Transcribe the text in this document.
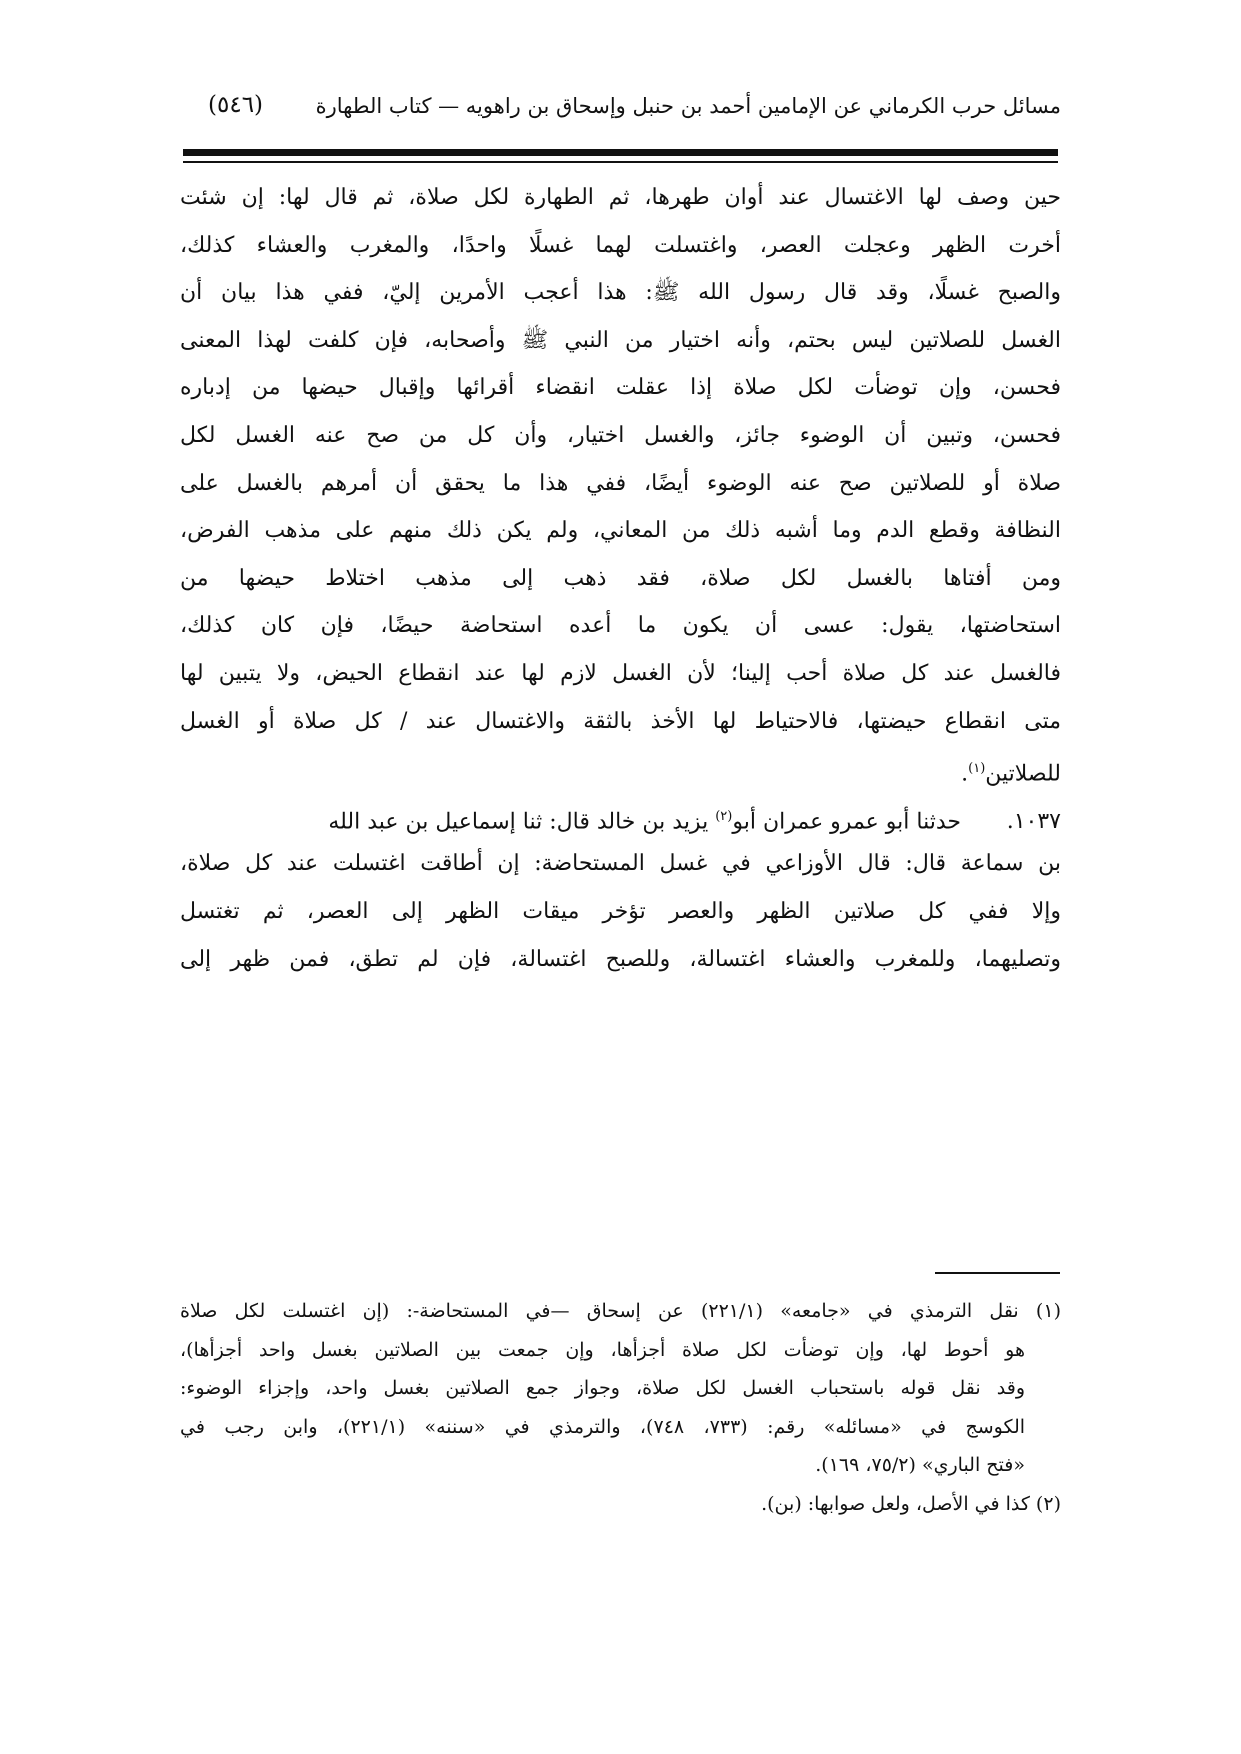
مسائل حرب الكرماني عن الإمامين أحمد بن حنبل وإسحاق بن راهويه — كتاب الطهارة
(٥٤٦)
حين وصف لها الاغتسال عند أوان طهرها، ثم الطهارة لكل صلاة، ثم قال لها: إن شئت
أخرت الظهر وعجلت العصر، واغتسلت لهما غسلًا واحدًا، والمغرب والعشاء كذلك،
والصبح غسلًا، وقد قال رسول الله ﷺ: هذا أعجب الأمرين إليّ، ففي هذا بيان أن
الغسل للصلاتين ليس بحتم، وأنه اختيار من النبي ﷺ وأصحابه، فإن كلفت لهذا المعنى
فحسن، وإن توضأت لكل صلاة إذا عقلت انقضاء أقرائها وإقبال حيضها من إدباره
فحسن، وتبين أن الوضوء جائز، والغسل اختيار، وأن كل من صح عنه الغسل لكل
صلاة أو للصلاتين صح عنه الوضوء أيضًا، ففي هذا ما يحقق أن أمرهم بالغسل على
النظافة وقطع الدم وما أشبه ذلك من المعاني، ولم يكن ذلك منهم على مذهب الفرض،
ومن أفتاها بالغسل لكل صلاة، فقد ذهب إلى مذهب اختلاط حيضها من
استحاضتها، يقول: عسى أن يكون ما أعده استحاضة حيضًا، فإن كان كذلك،
فالغسل عند كل صلاة أحب إلينا؛ لأن الغسل لازم لها عند انقطاع الحيض، ولا يتبين لها
متى انقطاع حيضتها، فالاحتياط لها الأخذ بالثقة والاغتسال عند / كل صلاة أو الغسل
للصلاتين$^{(١)}$.
١٠٣٧.حدثنا أبو عمرو عمران أبو$^{(٢)}$ يزيد بن خالد قال: ثنا إسماعيل بن عبد الله
بن سماعة قال: قال الأوزاعي في غسل المستحاضة: إن أطاقت اغتسلت عند كل صلاة،
وإلا ففي كل صلاتين الظهر والعصر تؤخر ميقات الظهر إلى العصر، ثم تغتسل
وتصليهما، وللمغرب والعشاء اغتسالة، وللصبح اغتسالة، فإن لم تطق، فمن ظهر إلى
(١) نقل الترمذي في «جامعه» (٢٢١/١) عن إسحاق —في المستحاضة-: (إن اغتسلت لكل صلاة
هو أحوط لها، وإن توضأت لكل صلاة أجزأها، وإن جمعت بين الصلاتين بغسل واحد أجزأها)،
وقد نقل قوله باستحباب الغسل لكل صلاة، وجواز جمع الصلاتين بغسل واحد، وإجزاء الوضوء:
الكوسج في «مسائله» رقم: (٧٣٣، ٧٤٨)، والترمذي في «سننه» (٢٢١/١)، وابن رجب في
«فتح الباري» (٧٥/٢، ١٦٩).
(٢) كذا في الأصل، ولعل صوابها: (بن).
